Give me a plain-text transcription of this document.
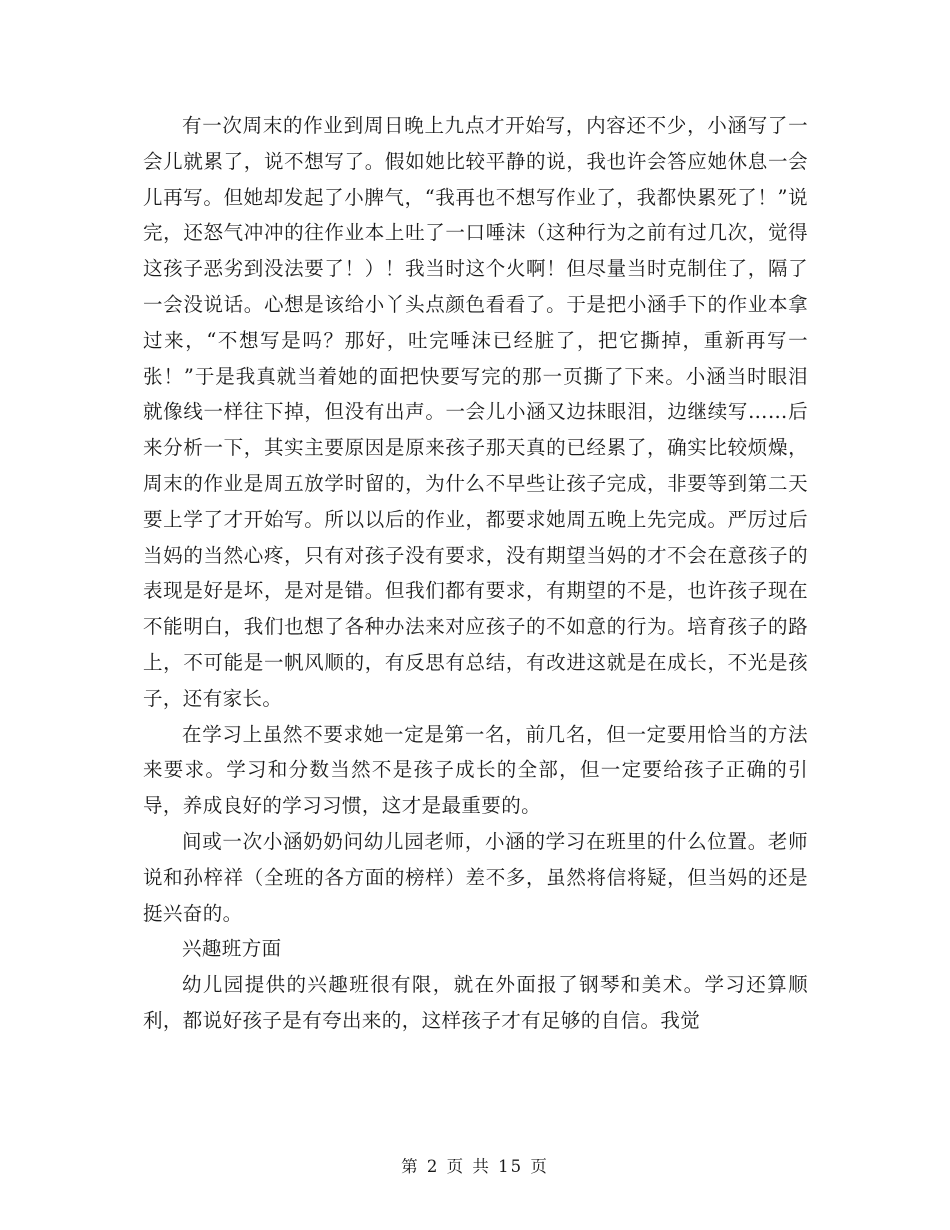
有一次周末的作业到周日晚上九点才开始写，内容还不少，小涵写了一会儿就累了，说不想写了。假如她比较平静的说，我也许会答应她休息一会儿再写。但她却发起了小脾气，“我再也不想写作业了，我都快累死了！”说完，还怒气冲冲的往作业本上吐了一口唾沫（这种行为之前有过几次，觉得这孩子恶劣到没法要了！）！我当时这个火啊！但尽量当时克制住了，隔了一会没说话。心想是该给小丫头点颜色看看了。于是把小涵手下的作业本拿过来，“不想写是吗？那好，吐完唾沫已经脏了，把它撕掉，重新再写一张！”于是我真就当着她的面把快要写完的那一页撕了下来。小涵当时眼泪就像线一样往下掉，但没有出声。一会儿小涵又边抹眼泪，边继续写……后来分析一下，其实主要原因是原来孩子那天真的已经累了，确实比较烦燥，周末的作业是周五放学时留的，为什么不早些让孩子完成，非要等到第二天要上学了才开始写。所以以后的作业，都要求她周五晚上先完成。严厉过后当妈的当然心疼，只有对孩子没有要求，没有期望当妈的才不会在意孩子的表现是好是坏，是对是错。但我们都有要求，有期望的不是，也许孩子现在不能明白，我们也想了各种办法来对应孩子的不如意的行为。培育孩子的路上，不可能是一帆风顺的，有反思有总结，有改进这就是在成长，不光是孩子，还有家长。

在学习上虽然不要求她一定是第一名，前几名，但一定要用恰当的方法来要求。学习和分数当然不是孩子成长的全部，但一定要给孩子正确的引导，养成良好的学习习惯，这才是最重要的。

间或一次小涵奶奶问幼儿园老师，小涵的学习在班里的什么位置。老师说和孙梓祥（全班的各方面的榜样）差不多，虽然将信将疑，但当妈的还是挺兴奋的。

兴趣班方面

幼儿园提供的兴趣班很有限，就在外面报了钢琴和美术。学习还算顺利，都说好孩子是有夸出来的，这样孩子才有足够的自信。我觉

第 2 页 共 15 页
